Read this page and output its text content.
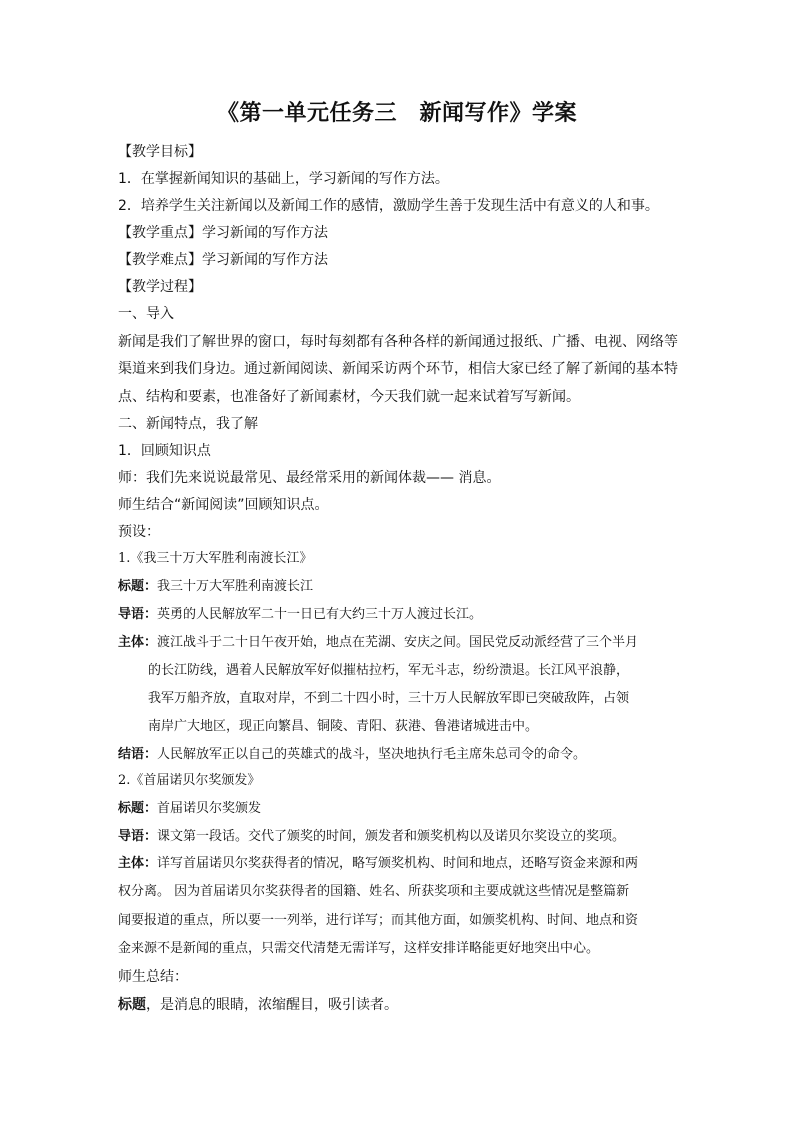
《第一单元任务三　新闻写作》学案
【教学目标】
1．在掌握新闻知识的基础上，学习新闻的写作方法。
2．培养学生关注新闻以及新闻工作的感情，激励学生善于发现生活中有意义的人和事。
【教学重点】学习新闻的写作方法
【教学难点】学习新闻的写作方法
【教学过程】
一、导入
新闻是我们了解世界的窗口，每时每刻都有各种各样的新闻通过报纸、广播、电视、网络等
渠道来到我们身边。通过新闻阅读、新闻采访两个环节，相信大家已经了解了新闻的基本特
点、结构和要素，也准备好了新闻素材，今天我们就一起来试着写写新闻。
二、新闻特点，我了解
1．回顾知识点
师：我们先来说说最常见、最经常采用的新闻体裁—— 消息。
师生结合“新闻阅读”回顾知识点。
预设：
1.《我三十万大军胜利南渡长江》
标题：我三十万大军胜利南渡长江
导语：英勇的人民解放军二十一日已有大约三十万人渡过长江。
主体：渡江战斗于二十日午夜开始，地点在芜湖、安庆之间。国民党反动派经营了三个半月
的长江防线，遇着人民解放军好似摧枯拉朽，军无斗志，纷纷溃退。长江风平浪静，
我军万船齐放，直取对岸，不到二十四小时，三十万人民解放军即已突破敌阵，占领
南岸广大地区，现正向繁昌、铜陵、青阳、荻港、鲁港诸城进击中。
结语：人民解放军正以自己的英雄式的战斗，坚决地执行毛主席朱总司令的命令。
2.《首届诺贝尔奖颁发》
标题：首届诺贝尔奖颁发
导语：课文第一段话。交代了颁奖的时间，颁发者和颁奖机构以及诺贝尔奖设立的奖项。
主体：详写首届诺贝尔奖获得者的情况，略写颁奖机构、时间和地点，还略写资金来源和两
权分离。 因为首届诺贝尔奖获得者的国籍、姓名、所获奖项和主要成就这些情况是整篇新
闻要报道的重点，所以要一一列举，进行详写；而其他方面，如颁奖机构、时间、地点和资
金来源不是新闻的重点，只需交代清楚无需详写，这样安排详略能更好地突出中心。
师生总结：
标题，是消息的眼睛，浓缩醒目，吸引读者。
